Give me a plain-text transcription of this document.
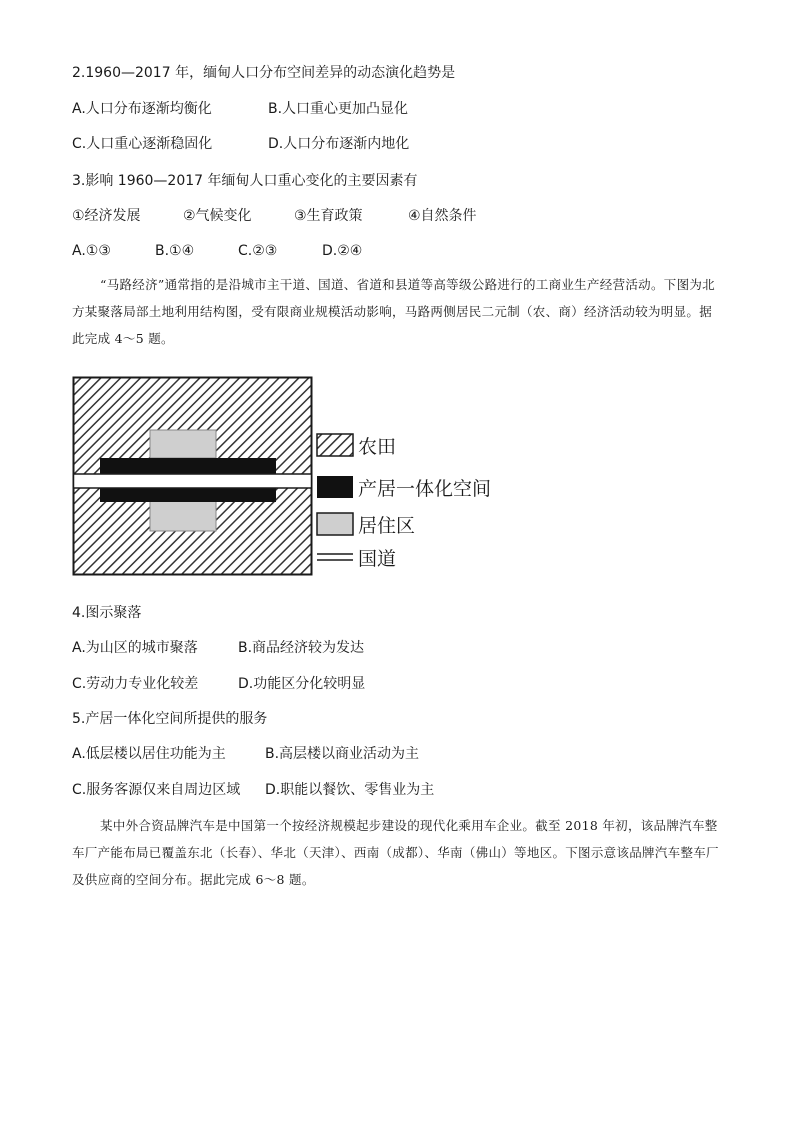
2.1960—2017 年，缅甸人口分布空间差异的动态演化趋势是
A.人口分布逐渐均衡化	B.人口重心更加凸显化
C.人口重心逐渐稳固化	D.人口分布逐渐内地化
3.影响 1960—2017 年缅甸人口重心变化的主要因素有
①经济发展	②气候变化	③生育政策	④自然条件
A.①③	B.①④	C.②③	D.②④
“马路经济”通常指的是沿城市主干道、国道、省道和县道等高等级公路进行的工商业生产经营活动。下图为北方某聚落局部土地利用结构图，受有限商业规模活动影响，马路两侧居民二元制（农、商）经济活动较为明显。据此完成 4～5 题。
农田
产居一体化空间
居住区
国道
4.图示聚落
A.为山区的城市聚落	B.商品经济较为发达
C.劳动力专业化较差	D.功能区分化较明显
5.产居一体化空间所提供的服务
A.低层楼以居住功能为主	B.高层楼以商业活动为主
C.服务客源仅来自周边区域 D.职能以餐饮、零售业为主
某中外合资品牌汽车是中国第一个按经济规模起步建设的现代化乘用车企业。截至 2018 年初，该品牌汽车整车厂产能布局已覆盖东北（长春）、华北（天津）、西南（成都）、华南（佛山）等地区。下图示意该品牌汽车整车厂及供应商的空间分布。据此完成 6～8 题。
